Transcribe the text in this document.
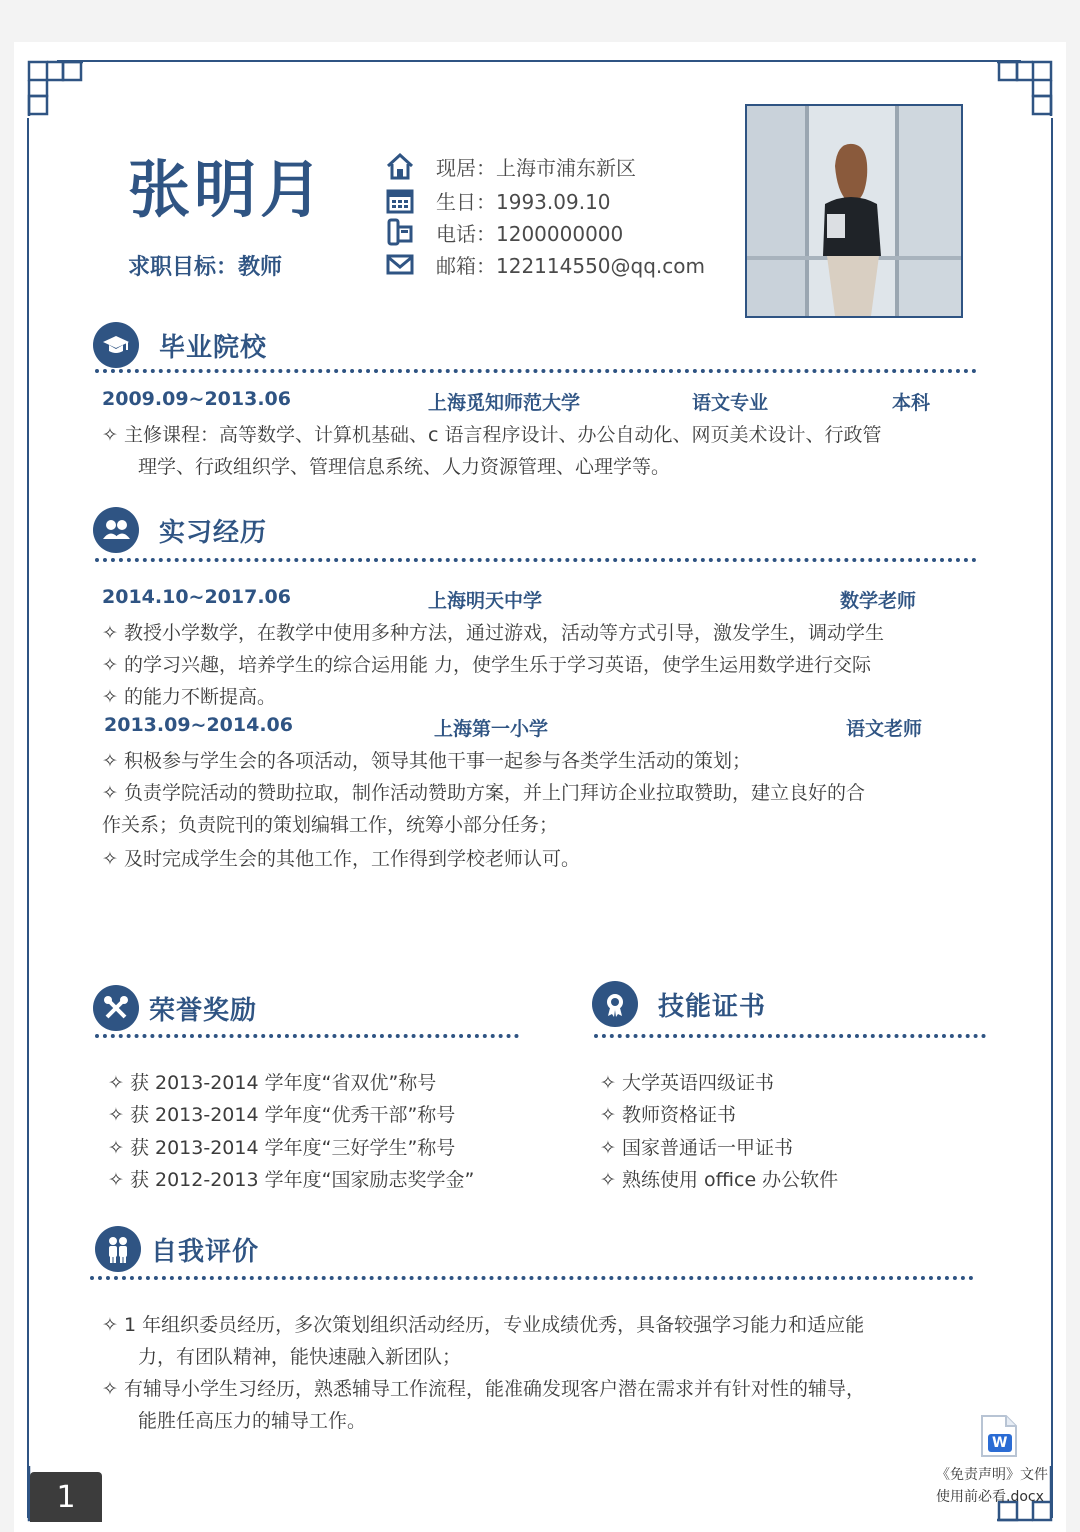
张明月
求职目标：教师
现居：上海市浦东新区
生日：1993.09.10
电话：1200000000
邮箱：122114550@qq.com
毕业院校
2009.09~2013.06	上海觅知师范大学	语文专业	本科
✧ 主修课程：高等数学、计算机基础、c 语言程序设计、办公自动化、网页美术设计、行政管
理学、行政组织学、管理信息系统、人力资源管理、心理学等。
实习经历
2014.10~2017.06	上海明天中学	数学老师
✧ 教授小学数学，在教学中使用多种方法，通过游戏，活动等方式引导，激发学生，调动学生
✧ 的学习兴趣，培养学生的综合运用能 力，使学生乐于学习英语，使学生运用数学进行交际
✧ 的能力不断提高。
2013.09~2014.06	上海第一小学	语文老师
✧ 积极参与学生会的各项活动，领导其他干事一起参与各类学生活动的策划；
✧ 负责学院活动的赞助拉取，制作活动赞助方案，并上门拜访企业拉取赞助，建立良好的合
作关系；负责院刊的策划编辑工作，统筹小部分任务；
✧ 及时完成学生会的其他工作，工作得到学校老师认可。
荣誉奖励
✧ 获 2013-2014 学年度“省双优”称号
✧ 获 2013-2014 学年度“优秀干部”称号
✧ 获 2013-2014 学年度“三好学生”称号
✧ 获 2012-2013 学年度“国家励志奖学金”
技能证书
✧ 大学英语四级证书
✧ 教师资格证书
✧ 国家普通话一甲证书
✧ 熟练使用 office 办公软件
自我评价
✧ 1 年组织委员经历，多次策划组织活动经历，专业成绩优秀，具备较强学习能力和适应能
力，有团队精神，能快速融入新团队；
✧ 有辅导小学生习经历，熟悉辅导工作流程，能准确发现客户潜在需求并有针对性的辅导，
能胜任高压力的辅导工作。
1
W
《免责声明》文件
使用前必看.docx
